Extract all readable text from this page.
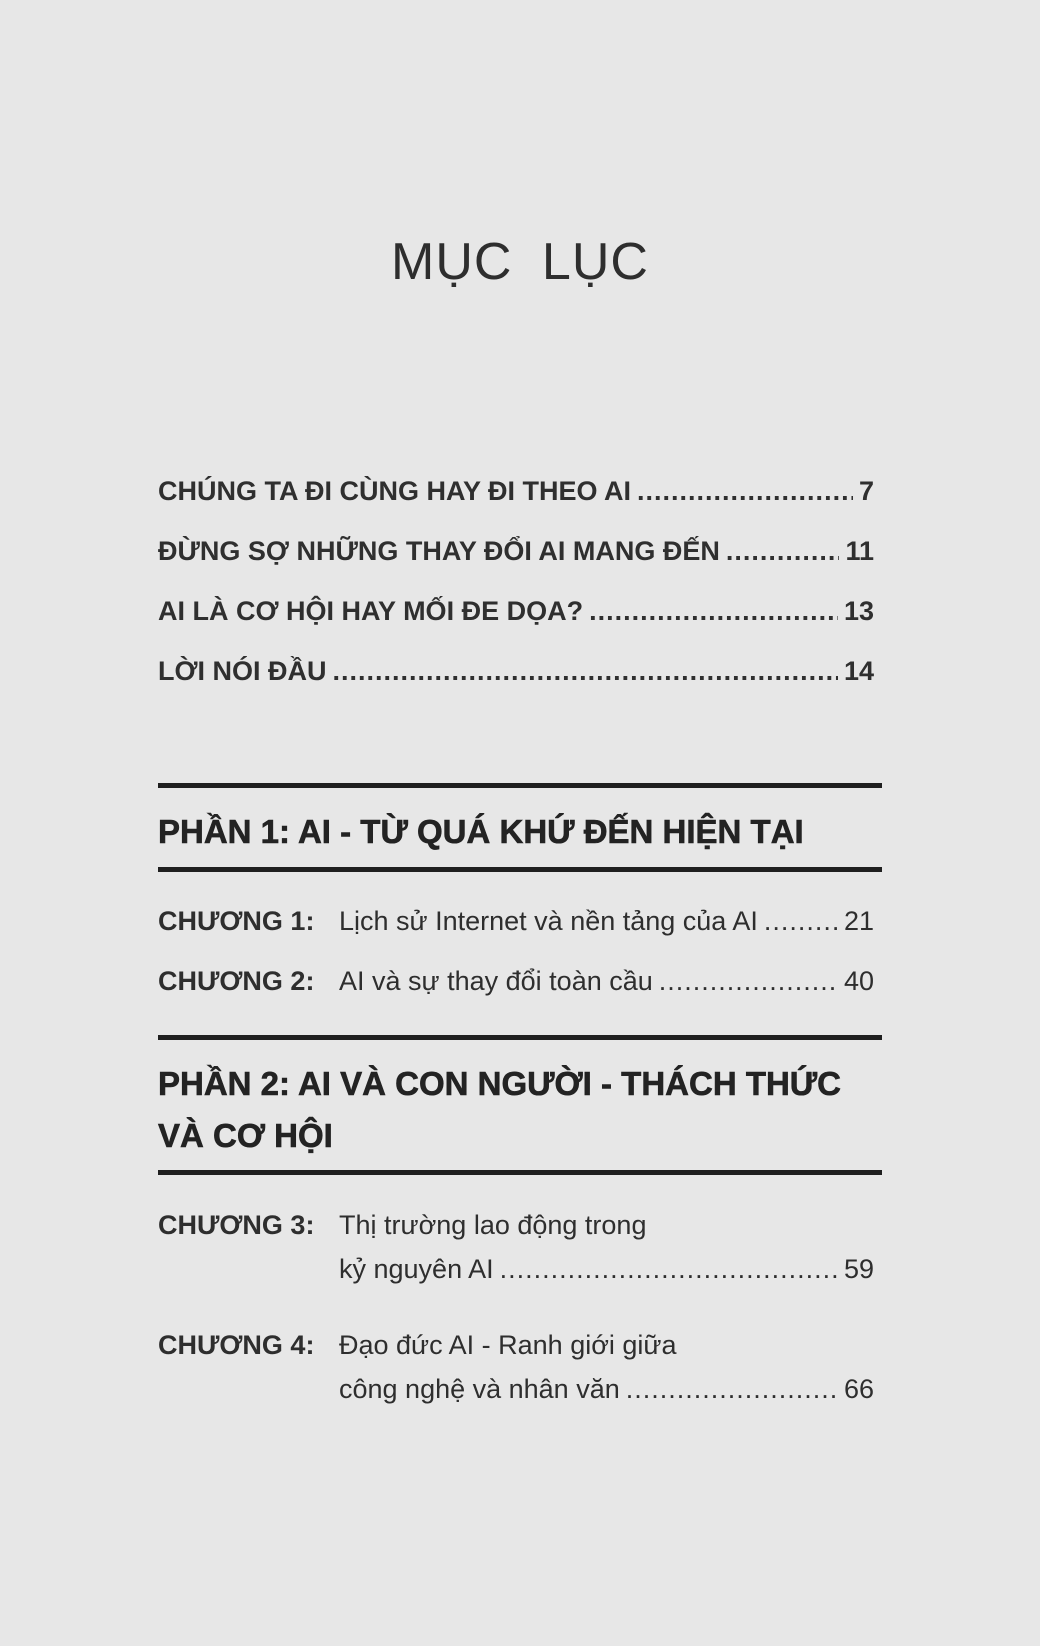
MỤC LỤC
CHÚNG TA ĐI CÙNG HAY ĐI THEO AI .....	7
ĐỪNG SỢ NHỮNG THAY ĐỔI AI MANG ĐẾN .....	11
AI LÀ CƠ HỘI HAY MỐI ĐE DỌA? .....	13
LỜI NÓI ĐẦU .....	14
PHẦN 1: AI - TỪ QUÁ KHỨ ĐẾN HIỆN TẠI
CHƯƠNG 1: Lịch sử Internet và nền tảng của AI .....	21
CHƯƠNG 2: AI và sự thay đổi toàn cầu .....	40
PHẦN 2: AI VÀ CON NGƯỜI - THÁCH THỨC
VÀ CƠ HỘI
CHƯƠNG 3: Thị trường lao động trong
kỷ nguyên AI .....	59
CHƯƠNG 4: Đạo đức AI - Ranh giới giữa
công nghệ và nhân văn .....	66
